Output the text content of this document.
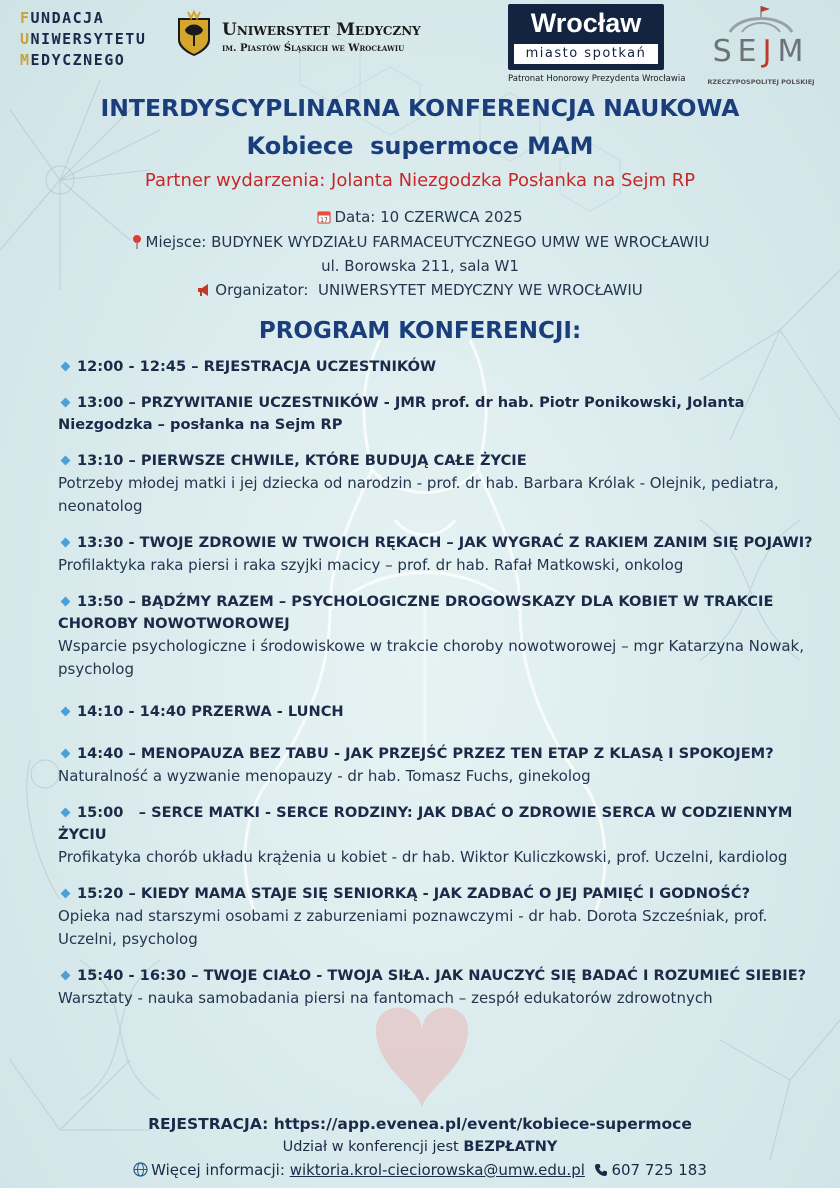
FUNDACJA
UNIWERSYTETU
MEDYCZNEGO
Uniwersytet Medyczny
im. Piastów Śląskich we Wrocławiu
Wrocław
miasto spotkań
Patronat Honorowy Prezydenta Wrocławia
SEJM
RZECZYPOSPOLITEJ POLSKIEJ
INTERDYSCYPLINARNA KONFERENCJA NAUKOWA
Kobiece  supermoce MAM
Partner wydarzenia: Jolanta Niezgodzka Posłanka na Sejm RP
17 Data: 10 CZERWCA 2025
Miejsce: BUDYNEK WYDZIAŁU FARMACEUTYCZNEGO UMW WE WROCŁAWIU
ul. Borowska 211, sala W1
Organizator:  UNIWERSYTET MEDYCZNY WE WROCŁAWIU
PROGRAM KONFERENCJI:
12:00 - 12:45 – REJESTRACJA UCZESTNIKÓW
13:00 – PRZYWITANIE UCZESTNIKÓW - JMR prof. dr hab. Piotr Ponikowski, Jolanta Niezgodzka – posłanka na Sejm RP
13:10 – PIERWSZE CHWILE, KTÓRE BUDUJĄ CAŁE ŻYCIE
Potrzeby młodej matki i jej dziecka od narodzin - prof. dr hab. Barbara Królak - Olejnik, pediatra, neonatolog
13:30 - TWOJE ZDROWIE W TWOICH RĘKACH – JAK WYGRAĆ Z RAKIEM ZANIM SIĘ POJAWI?
Profilaktyka raka piersi i raka szyjki macicy – prof. dr hab. Rafał Matkowski, onkolog
13:50 – BĄDŹMY RAZEM – PSYCHOLOGICZNE DROGOWSKAZY DLA KOBIET W TRAKCIE CHOROBY NOWOTWOROWEJ
Wsparcie psychologiczne i środowiskowe w trakcie choroby nowotworowej – mgr Katarzyna Nowak, psycholog
14:10 - 14:40 PRZERWA - LUNCH
14:40 – MENOPAUZA BEZ TABU - JAK PRZEJŚĆ PRZEZ TEN ETAP Z KLASĄ I SPOKOJEM?
Naturalność a wyzwanie menopauzy - dr hab. Tomasz Fuchs, ginekolog
15:00   – SERCE MATKI - SERCE RODZINY: JAK DBAĆ O ZDROWIE SERCA W CODZIENNYM ŻYCIU
Profikatyka chorób układu krążenia u kobiet - dr hab. Wiktor Kuliczkowski, prof. Uczelni, kardiolog
15:20 – KIEDY MAMA STAJE SIĘ SENIORKĄ - JAK ZADBAĆ O JEJ PAMIĘĆ I GODNOŚĆ?
Opieka nad starszymi osobami z zaburzeniami poznawczymi - dr hab. Dorota Szcześniak, prof. Uczelni, psycholog
15:40 - 16:30 – TWOJE CIAŁO - TWOJA SIŁA. JAK NAUCZYĆ SIĘ BADAĆ I ROZUMIEĆ SIEBIE?
Warsztaty - nauka samobadania piersi na fantomach – zespół edukatorów zdrowotnych
REJESTRACJA: https://app.evenea.pl/event/kobiece-supermoce
Udział w konferencji jest BEZPŁATNY
Więcej informacji: wiktoria.krol-cieciorowska@umw.edu.pl 607 725 183
